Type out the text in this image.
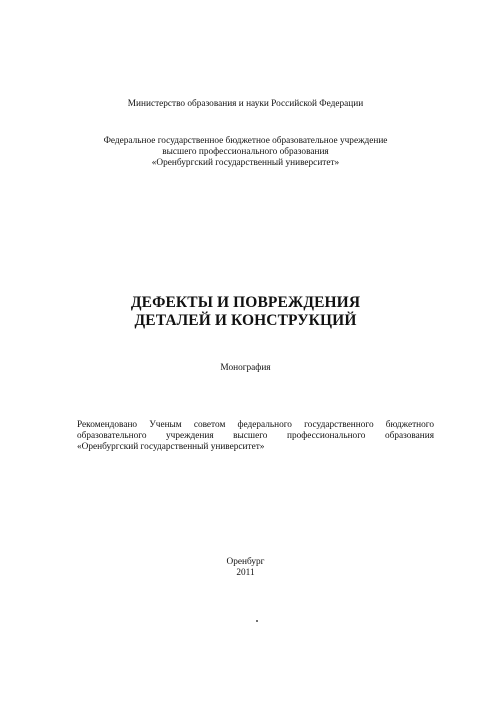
Министерство образования и науки Российской Федерации
Федеральное государственное бюджетное образовательное учреждение
высшего профессионального образования
«Оренбургский государственный университет»
ДЕФЕКТЫ И ПОВРЕЖДЕНИЯ
ДЕТАЛЕЙ И КОНСТРУКЦИЙ
Монография
Рекомендовано Ученым советом федерального государственного бюджетного
образовательного учреждения высшего профессионального образования
«Оренбургский государственный университет»
Оренбург
2011
